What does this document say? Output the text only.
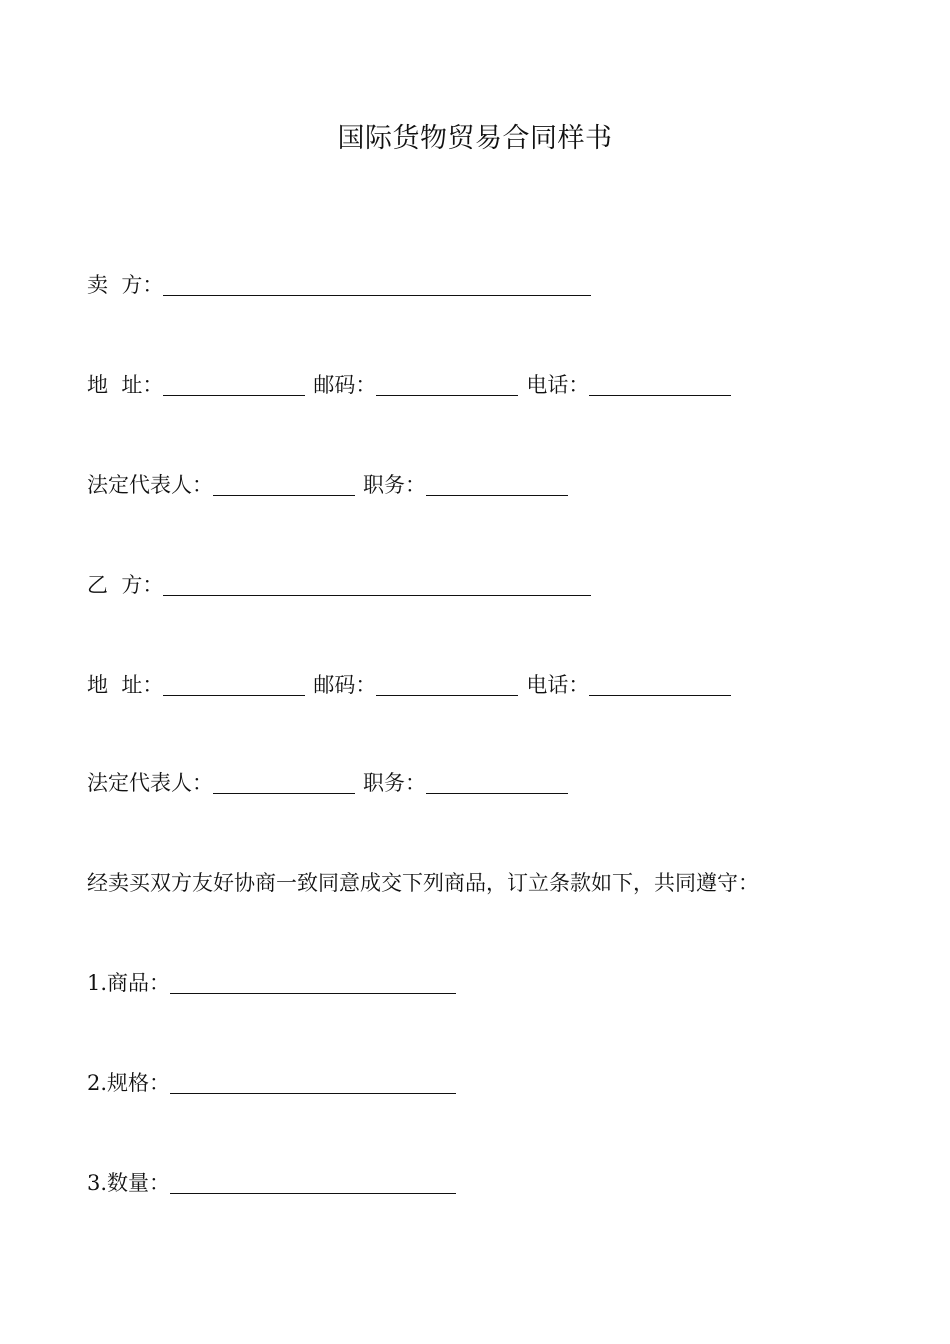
国际货物贸易合同样书
卖  方：
地  址：	邮码：	电话：
法定代表人：	职务：
乙  方：
地  址：	邮码：	电话：
法定代表人：	职务：
经卖买双方友好协商一致同意成交下列商品，订立条款如下，共同遵守：
1.商品：
2.规格：
3.数量：
